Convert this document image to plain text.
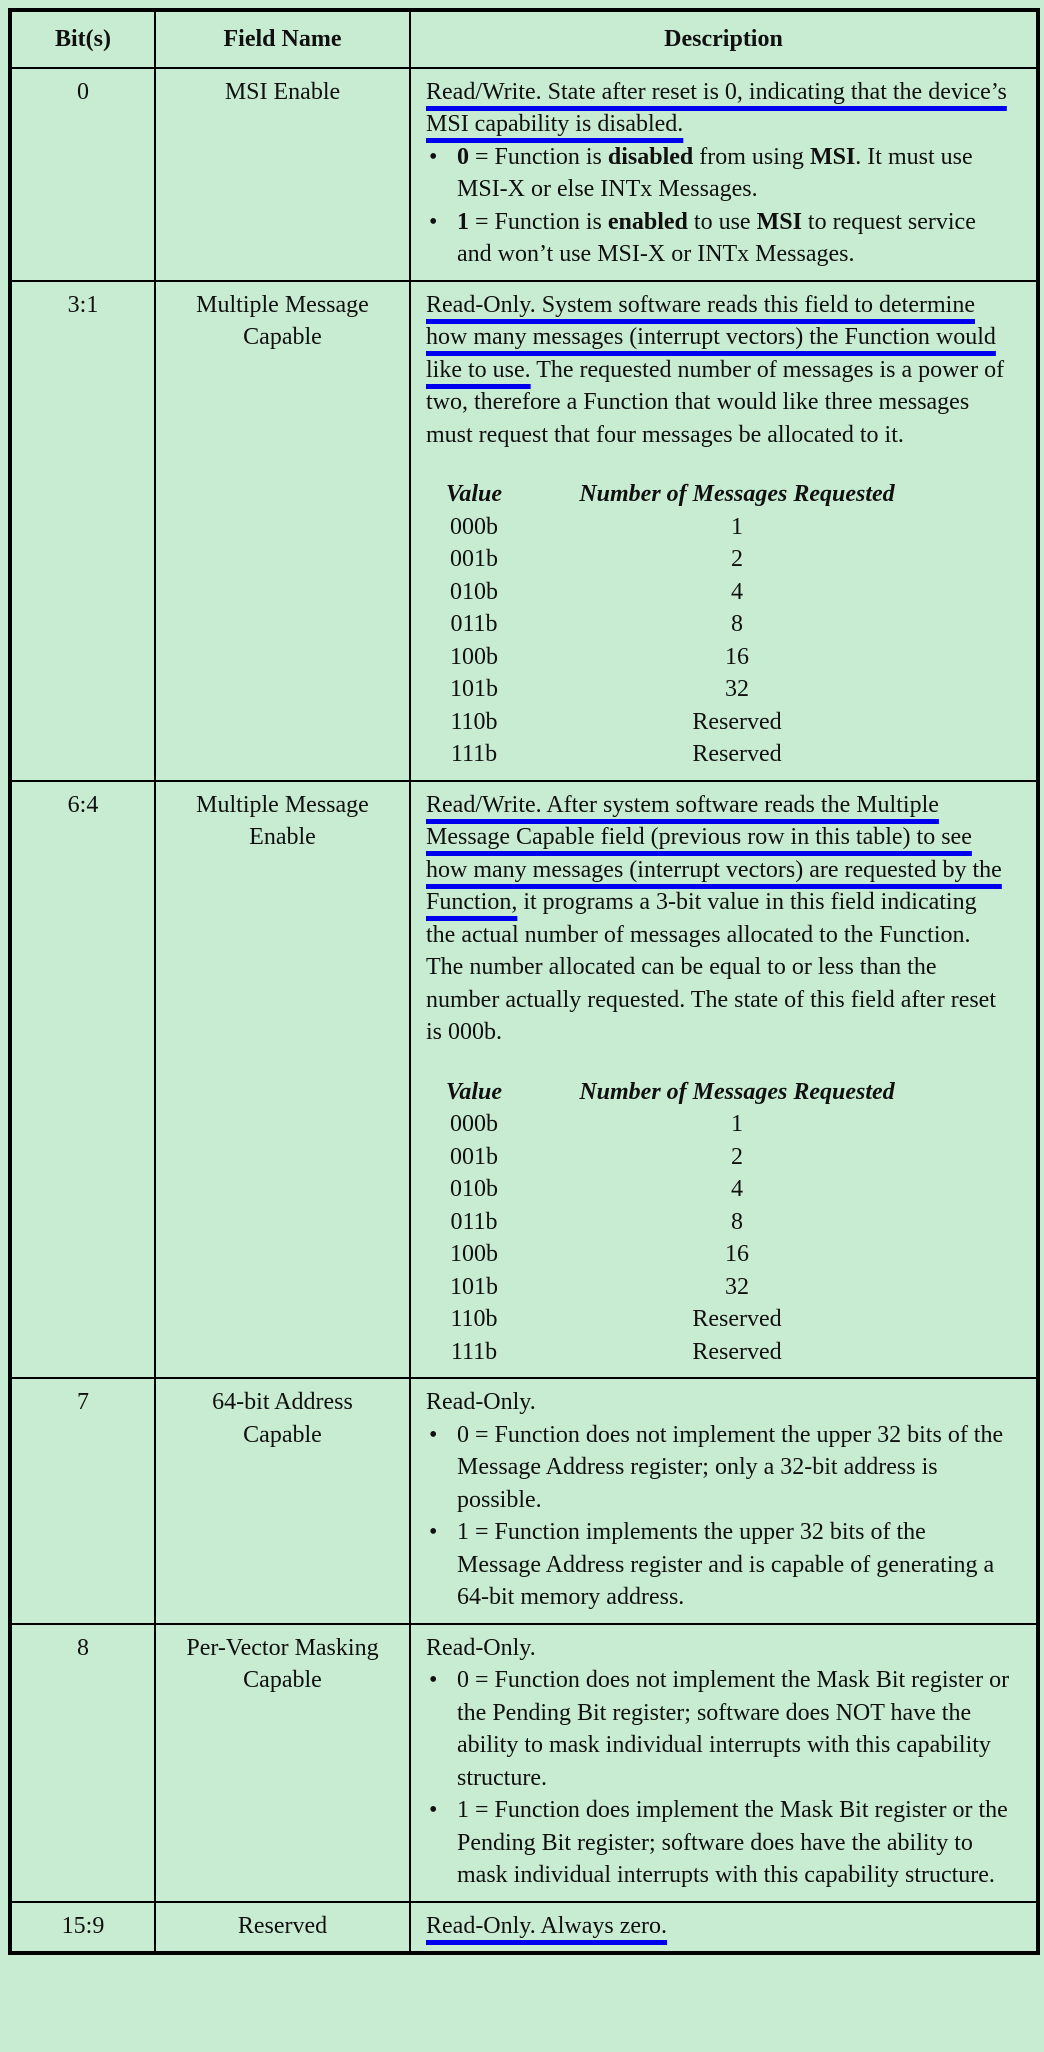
Bit(s)	Field Name	Description
0	MSI Enable	Read/Write. State after reset is 0, indicating that the device’s MSI capability is disabled.
• 0 = Function is disabled from using MSI. It must use MSI-X or else INTx Messages.
• 1 = Function is enabled to use MSI to request service and won’t use MSI-X or INTx Messages.

3:1	Multiple Message Capable	
Read-Only. System software reads this field to determine how many messages (interrupt vectors) the Function would like to use. The requested number of messages is a power of two, therefore a Function that would like three messages must request that four messages be allocated to it.
Value	Number of Messages Requested
000b	1
001b	2
010b	4
011b	8
100b	16
101b	32
110b	Reserved
111b	Reserved

6:4	Multiple Message Enable	
Read/Write. After system software reads the Multiple Message Capable field (previous row in this table) to see how many messages (interrupt vectors) are requested by the Function, it programs a 3-bit value in this field indicating the actual number of messages allocated to the Function. The number allocated can be equal to or less than the number actually requested. The state of this field after reset is 000b.
Value	Number of Messages Requested
000b	1
001b	2
010b	4
011b	8
100b	16
101b	32
110b	Reserved
111b	Reserved

7	64-bit Address Capable	Read-Only.
• 0 = Function does not implement the upper 32 bits of the Message Address register; only a 32-bit address is possible.
• 1 = Function implements the upper 32 bits of the Message Address register and is capable of generating a 64-bit memory address.

8	Per-Vector Masking Capable	Read-Only.
• 0 = Function does not implement the Mask Bit register or the Pending Bit register; software does NOT have the ability to mask individual interrupts with this capability structure.
• 1 = Function does implement the Mask Bit register or the Pending Bit register; software does have the ability to mask individual interrupts with this capability structure.

15:9	Reserved	Read-Only. Always zero.
